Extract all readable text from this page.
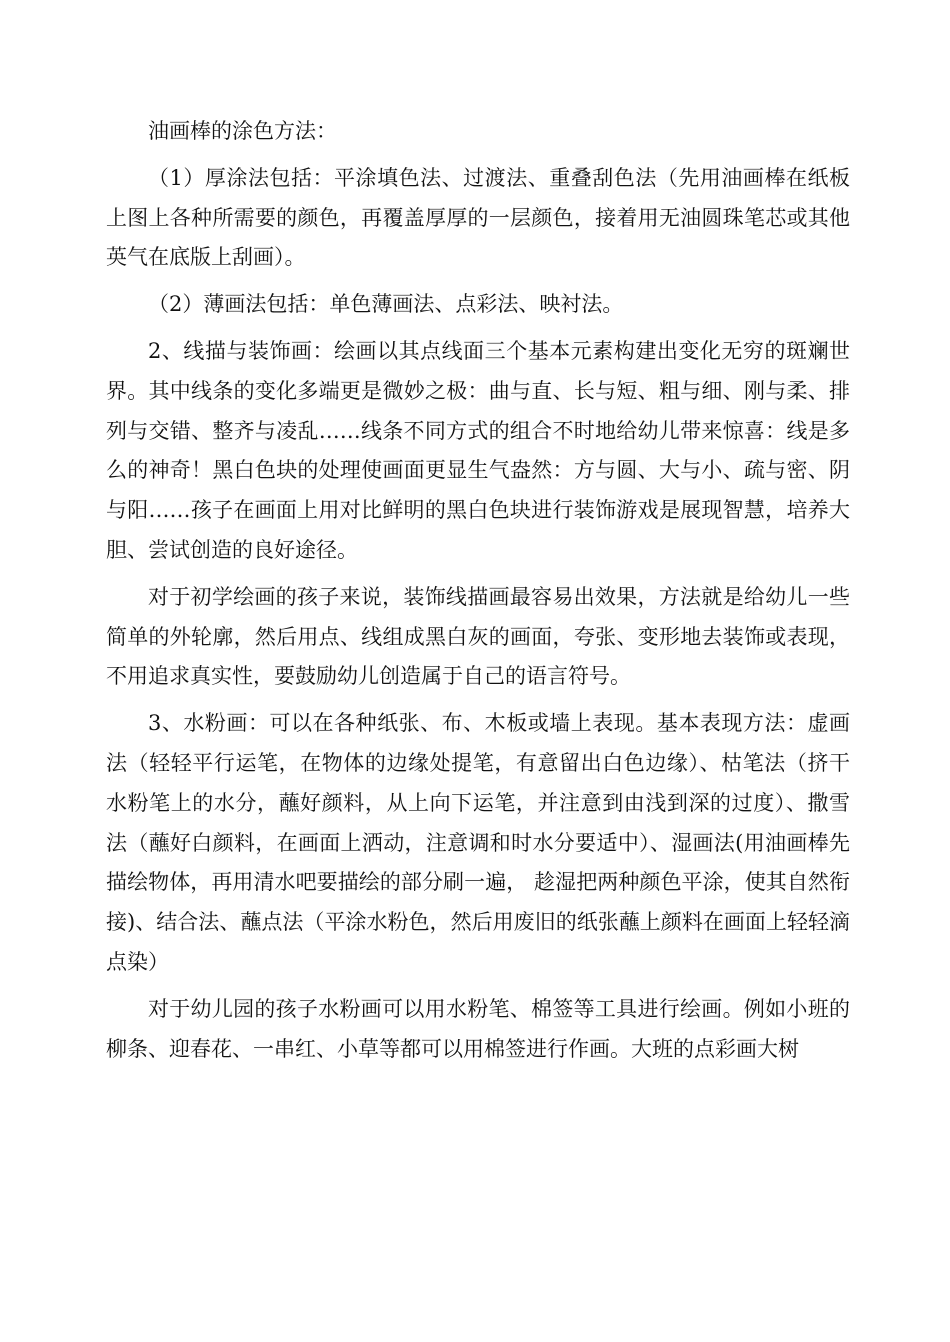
油画棒的涂色方法：

（1）厚涂法包括：平涂填色法、过渡法、重叠刮色法（先用油画棒在纸板上图上各种所需要的颜色，再覆盖厚厚的一层颜色，接着用无油圆珠笔芯或其他英气在底版上刮画）。

（2）薄画法包括：单色薄画法、点彩法、映衬法。

2、线描与装饰画：绘画以其点线面三个基本元素构建出变化无穷的斑斓世界。其中线条的变化多端更是微妙之极：曲与直、长与短、粗与细、刚与柔、排列与交错、整齐与凌乱……线条不同方式的组合不时地给幼儿带来惊喜：线是多么的神奇！黑白色块的处理使画面更显生气盎然：方与圆、大与小、疏与密、阴与阳……孩子在画面上用对比鲜明的黑白色块进行装饰游戏是展现智慧，培养大胆、尝试创造的良好途径。

对于初学绘画的孩子来说，装饰线描画最容易出效果，方法就是给幼儿一些简单的外轮廓，然后用点、线组成黑白灰的画面，夸张、变形地去装饰或表现，不用追求真实性，要鼓励幼儿创造属于自己的语言符号。

3、水粉画：可以在各种纸张、布、木板或墙上表现。基本表现方法：虚画法（轻轻平行运笔，在物体的边缘处提笔，有意留出白色边缘）、枯笔法（挤干水粉笔上的水分，蘸好颜料，从上向下运笔，并注意到由浅到深的过度）、撒雪法（蘸好白颜料，在画面上洒动，注意调和时水分要适中）、湿画法(用油画棒先描绘物体，再用清水吧要描绘的部分刷一遍， 趁湿把两种颜色平涂，使其自然衔接)、结合法、蘸点法（平涂水粉色，然后用废旧的纸张蘸上颜料在画面上轻轻滴点染）

对于幼儿园的孩子水粉画可以用水粉笔、棉签等工具进行绘画。例如小班的柳条、迎春花、一串红、小草等都可以用棉签进行作画。大班的点彩画大树
